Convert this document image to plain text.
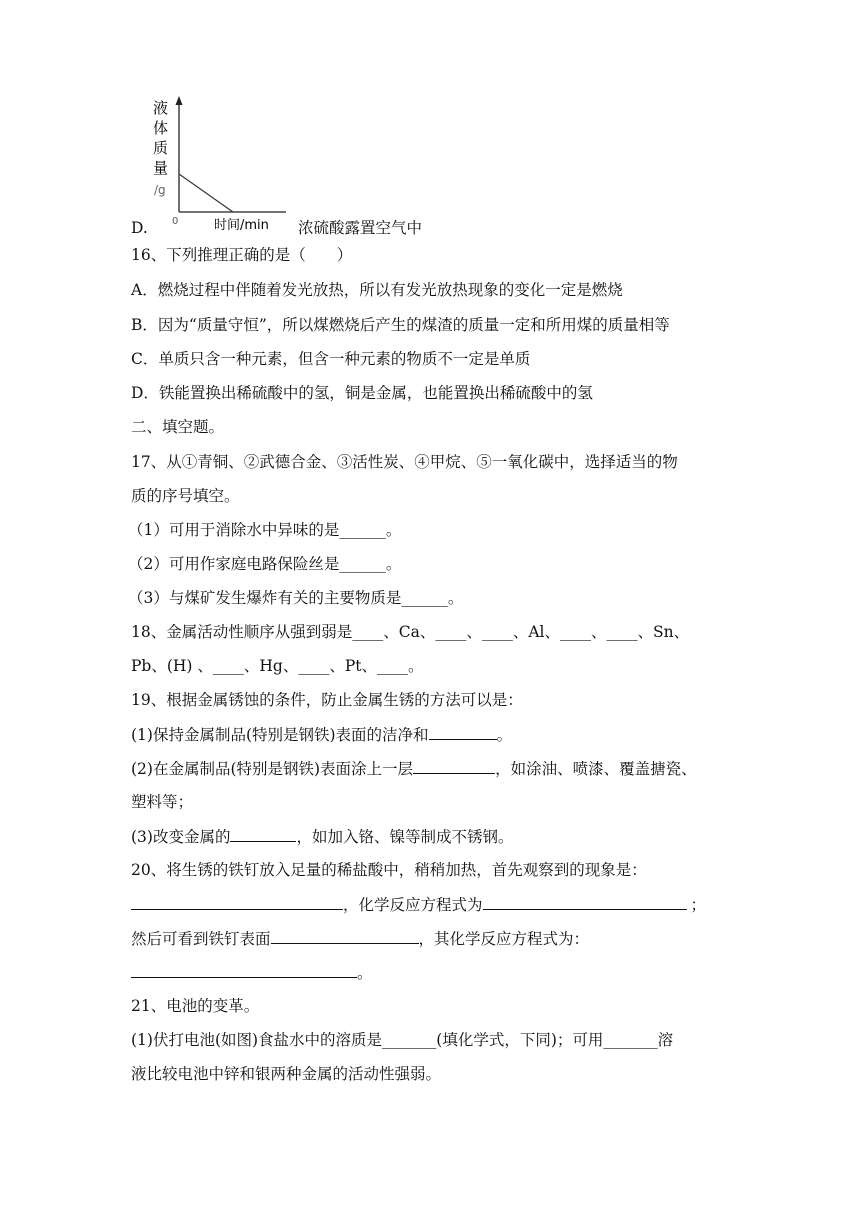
液
体
质
量
/g
0	时间/min
D.	浓硫酸露置空气中
16、下列推理正确的是（　　）
A．燃烧过程中伴随着发光放热，所以有发光放热现象的变化一定是燃烧
B．因为“质量守恒”，所以煤燃烧后产生的煤渣的质量一定和所用煤的质量相等
C．单质只含一种元素，但含一种元素的物质不一定是单质
D．铁能置换出稀硫酸中的氢，铜是金属，也能置换出稀硫酸中的氢
二、填空题。
17、从①青铜、②武德合金、③活性炭、④甲烷、⑤一氧化碳中，选择适当的物
质的序号填空。
（1）可用于消除水中异味的是______。
（2）可用作家庭电路保险丝是______。
（3）与煤矿发生爆炸有关的主要物质是______。
18、金属活动性顺序从强到弱是____、Ca、____、____、Al、____、____、Sn、
Pb、(H) 、____、Hg、____、Pt、____。
19、根据金属锈蚀的条件，防止金属生锈的方法可以是：
(1)保持金属制品(特别是钢铁)表面的洁净和	。
(2)在金属制品(特别是钢铁)表面涂上一层	，如涂油、喷漆、覆盖搪瓷、
塑料等；
(3)改变金属的	，如加入铬、镍等制成不锈钢。
20、将生锈的铁钉放入足量的稀盐酸中，稍稍加热，首先观察到的现象是：
，化学反应方程式为	；
然后可看到铁钉表面	，其化学反应方程式为：
。
21、电池的变革。
(1)伏打电池(如图)食盐水中的溶质是_______(填化学式，下同)；可用_______溶
液比较电池中锌和银两种金属的活动性强弱。
